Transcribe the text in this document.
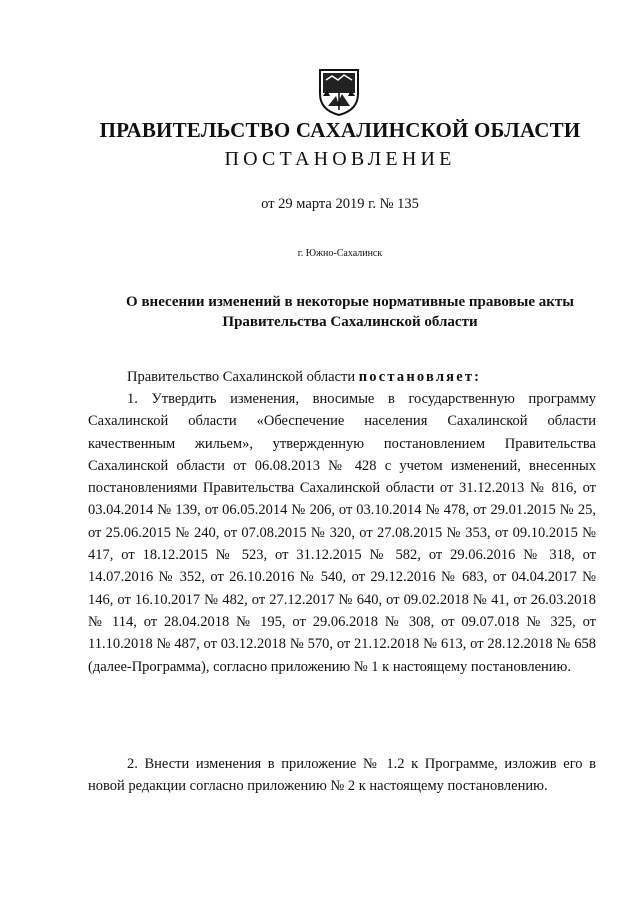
ПРАВИТЕЛЬСТВО САХАЛИНСКОЙ ОБЛАСТИ
ПОСТАНОВЛЕНИЕ
от 29 марта 2019 г. № 135
г. Южно-Сахалинск
О внесении изменений в некоторые нормативные правовые акты Правительства Сахалинской области
Правительство Сахалинской области постановляет:
1. Утвердить изменения, вносимые в государственную программу Сахалинской области «Обеспечение населения Сахалинской области качественным жильем», утвержденную постановлением Правительства Сахалинской области от 06.08.2013 № 428 с учетом изменений, внесенных постановлениями Правительства Сахалинской области от 31.12.2013 № 816, от 03.04.2014 № 139, от 06.05.2014 № 206, от 03.10.2014 № 478, от 29.01.2015 № 25, от 25.06.2015 № 240, от 07.08.2015 № 320, от 27.08.2015 № 353, от 09.10.2015 № 417, от 18.12.2015 № 523, от 31.12.2015 № 582, от 29.06.2016 № 318, от 14.07.2016 № 352, от 26.10.2016 № 540, от 29.12.2016 № 683, от 04.04.2017 № 146, от 16.10.2017 № 482, от 27.12.2017 № 640, от 09.02.2018 № 41, от 26.03.2018 № 114, от 28.04.2018 № 195, от 29.06.2018 № 308, от 09.07.018 № 325, от 11.10.2018 № 487, от 03.12.2018 № 570, от 21.12.2018 № 613, от 28.12.2018 № 658 (далее-Программа), согласно приложению № 1 к настоящему постановлению.
2. Внести изменения в приложение № 1.2 к Программе, изложив его в новой редакции согласно приложению № 2 к настоящему постановлению.
